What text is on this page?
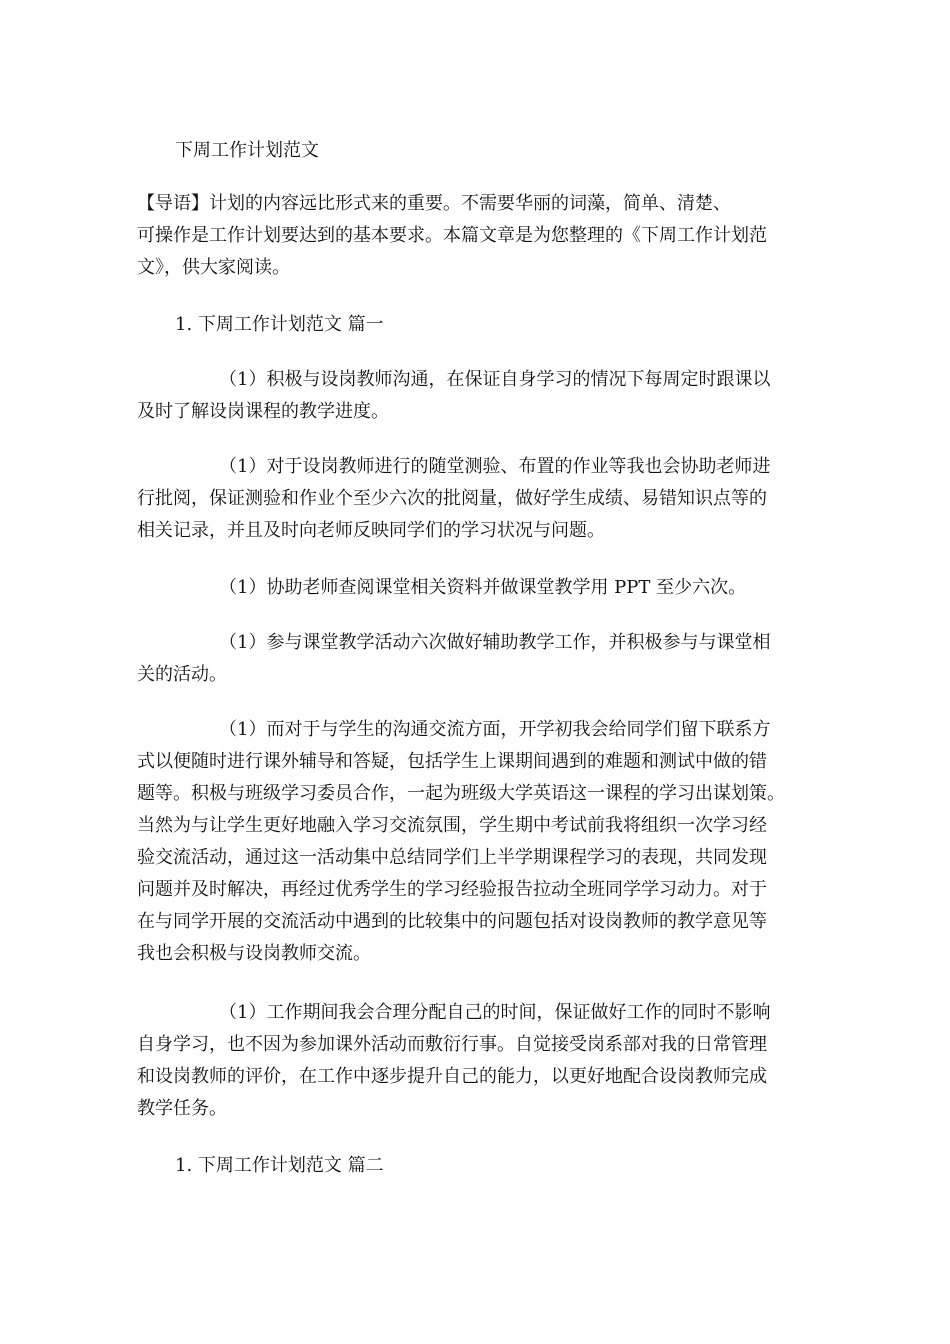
下周工作计划范文

【导语】计划的内容远比形式来的重要。不需要华丽的词藻，简单、清楚、

可操作是工作计划要达到的基本要求。本篇文章是为您整理的《下周工作计划范

文》，供大家阅读。

1. 下周工作计划范文 篇一

（1）积极与设岗教师沟通，在保证自身学习的情况下每周定时跟课以

及时了解设岗课程的教学进度。

（1）对于设岗教师进行的随堂测验、布置的作业等我也会协助老师进

行批阅，保证测验和作业个至少六次的批阅量，做好学生成绩、易错知识点等的

相关记录，并且及时向老师反映同学们的学习状况与问题。

（1）协助老师查阅课堂相关资料并做课堂教学用 PPT 至少六次。

（1）参与课堂教学活动六次做好辅助教学工作，并积极参与与课堂相

关的活动。

（1）而对于与学生的沟通交流方面，开学初我会给同学们留下联系方

式以便随时进行课外辅导和答疑，包括学生上课期间遇到的难题和测试中做的错

题等。积极与班级学习委员合作，一起为班级大学英语这一课程的学习出谋划策。

当然为与让学生更好地融入学习交流氛围，学生期中考试前我将组织一次学习经

验交流活动，通过这一活动集中总结同学们上半学期课程学习的表现，共同发现

问题并及时解决，再经过优秀学生的学习经验报告拉动全班同学学习动力。对于

在与同学开展的交流活动中遇到的比较集中的问题包括对设岗教师的教学意见等

我也会积极与设岗教师交流。

（1）工作期间我会合理分配自己的时间，保证做好工作的同时不影响

自身学习，也不因为参加课外活动而敷衍行事。自觉接受岗系部对我的日常管理

和设岗教师的评价，在工作中逐步提升自己的能力，以更好地配合设岗教师完成

教学任务。

1. 下周工作计划范文 篇二
